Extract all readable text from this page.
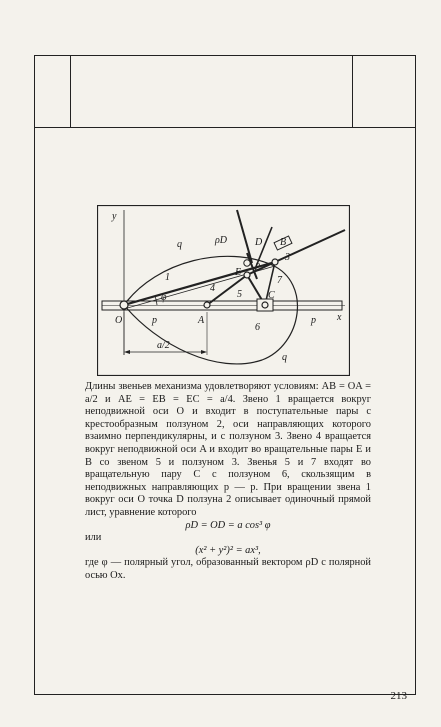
y
x
q
q
ρD	D B
E
C
O	A
1
2
3
4
5
6
7
φ
p	p
a/2

Длины звеньев механизма удовлетворяют условиям: AB = OA = a/2 и AE = EB = EC = a/4. Звено 1 вращается вокруг неподвижной оси O и входит в поступательные пары с крестообразным ползуном 2, оси направляющих которого взаимно перпендикулярны, и с ползуном 3. Звено 4 вращается вокруг неподвижной оси A и входит во вращательные пары E и B со звеном 5 и ползуном 3. Звенья 5 и 7 входят во вращательную пару C с ползуном 6, скользящим в неподвижных направляющих p — p. При вращении звена 1 вокруг оси O точка D ползуна 2 описывает одиночный прямой лист, уравнение которого

ρD = OD = a cos³ φ

или

(x² + y²)² = ax³,

где φ — полярный угол, образованный вектором ρD с полярной осью Ox.

213
